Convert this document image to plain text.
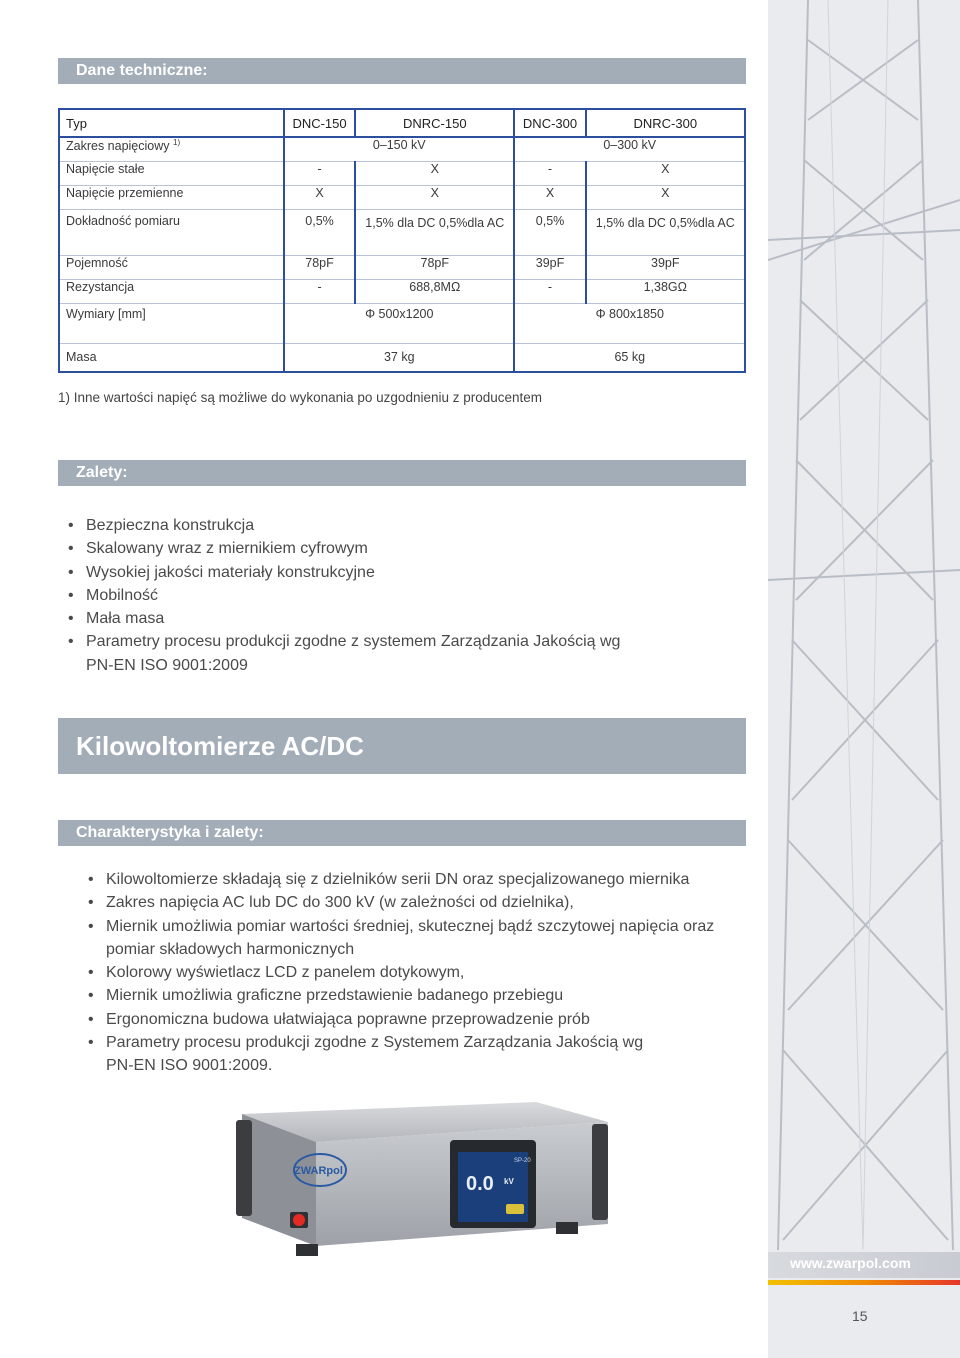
www.zwarpol.com
15
Dane techniczne:
Typ	DNC-150	DNRC-150	DNC-300	DNRC-300
Zakres napięciowy $^{1)}$	0–150 kV		0–300 kV	
Napięcie stałe	-	X	-	X
Napięcie przemienne	X	X	X	X
Dokładność pomiaru	0,5%	1,5% dla DC 0,5%dla AC	0,5%	1,5% dla DC 0,5%dla AC
Pojemność	78pF	78pF	39pF	39pF
Rezystancja	-	688,8MΩ	-	1,38GΩ
Wymiary [mm]	Φ 500x1200		Φ 800x1850	
Masa	37 kg		65 kg	
1) Inne wartości napięć są możliwe do wykonania po uzgodnieniu z producentem
Zalety:
• Bezpieczna konstrukcja
• Skalowany wraz z miernikiem cyfrowym
• Wysokiej jakości materiały konstrukcyjne
• Mobilność
• Mała masa
• Parametry procesu produkcji zgodne z systemem Zarządzania Jakością wg PN-EN ISO 9001:2009
Kilowoltomierze AC/DC
Charakterystyka i zalety:
• Kilowoltomierze składają się z dzielników serii DN oraz specjalizowanego miernika
• Zakres napięcia AC lub DC do 300 kV (w zależności od dzielnika),
• Miernik umożliwia pomiar wartości średniej, skutecznej bądź szczytowej napięcia oraz pomiar składowych harmonicznych
• Kolorowy wyświetlacz LCD z panelem dotykowym,
• Miernik umożliwia graficzne przedstawienie badanego przebiegu
• Ergonomiczna budowa ułatwiająca poprawne przeprowadzenie prób
• Parametry procesu produkcji zgodne z Systemem Zarządzania Jakością wg PN-EN ISO 9001:2009.
ZWARpol
SP-20
0.0 kV
